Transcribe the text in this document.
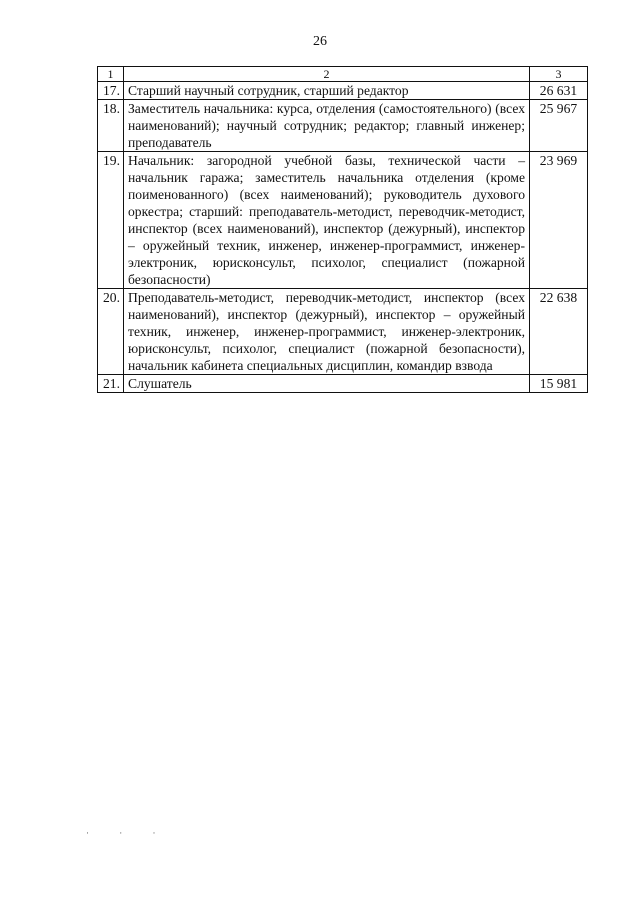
26
1	2	3
17.	Старший научный сотрудник, старший редактор	26 631
18.	Заместитель начальника: курса, отделения (самостоятельного) (всех наименований); научный сотрудник; редактор; главный инженер; преподаватель	25 967
19.	Начальник: загородной учебной базы, технической части – начальник гаража; заместитель начальника отделения (кроме поименованного) (всех наименований); руководитель духового оркестра; старший: преподаватель-методист, переводчик-методист, инспектор (всех наименований), инспектор (дежурный), инспектор – оружейный техник, инженер, инженер-программист, инженер-электроник, юрисконсульт, психолог, специалист (пожарной безопасности)	23 969
20.	Преподаватель-методист, переводчик-методист, инспектор (всех наименований), инспектор (дежурный), инспектор – оружейный техник, инженер, инженер-программист, инженер-электроник, юрисконсульт, психолог, специалист (пожарной безопасности), начальник кабинета специальных дисциплин, командир взвода	22 638
21.	Слушатель	15 981
· · ·
